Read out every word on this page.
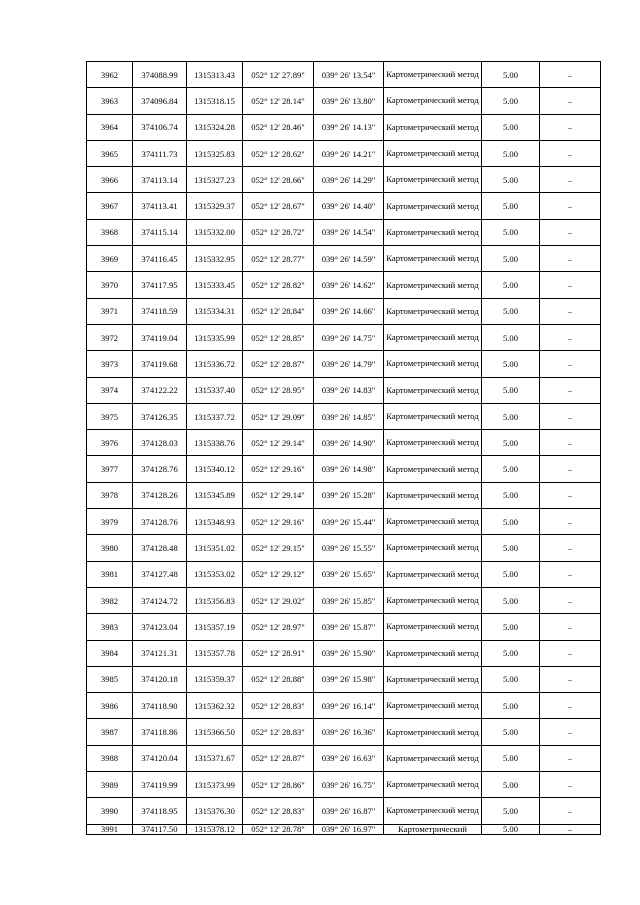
3962	374088.99	1315313.43	052° 12' 27.89"	039° 26' 13.54"	Картометрический метод	5.00	–
3963	374096.84	1315318.15	052° 12' 28.14"	039° 26' 13.80"	Картометрический метод	5.00	–
3964	374106.74	1315324.28	052° 12' 28.46"	039° 26' 14.13"	Картометрический метод	5.00	–
3965	374111.73	1315325.83	052° 12' 28.62"	039° 26' 14.21"	Картометрический метод	5.00	–
3966	374113.14	1315327.23	052° 12' 28.66"	039° 26' 14.29"	Картометрический метод	5.00	–
3967	374113.41	1315329.37	052° 12' 28.67"	039° 26' 14.40"	Картометрический метод	5.00	–
3968	374115.14	1315332.00	052° 12' 28.72"	039° 26' 14.54"	Картометрический метод	5.00	–
3969	374116.45	1315332.95	052° 12' 28.77"	039° 26' 14.59"	Картометрический метод	5.00	–
3970	374117.95	1315333.45	052° 12' 28.82"	039° 26' 14.62"	Картометрический метод	5.00	–
3971	374118.59	1315334.31	052° 12' 28.84"	039° 26' 14.66"	Картометрический метод	5.00	–
3972	374119.04	1315335.99	052° 12' 28.85"	039° 26' 14.75"	Картометрический метод	5.00	–
3973	374119.68	1315336.72	052° 12' 28.87"	039° 26' 14.79"	Картометрический метод	5.00	–
3974	374122.22	1315337.40	052° 12' 28.95"	039° 26' 14.83"	Картометрический метод	5.00	–
3975	374126.35	1315337.72	052° 12' 29.09"	039° 26' 14.85"	Картометрический метод	5.00	–
3976	374128.03	1315338.76	052° 12' 29.14"	039° 26' 14.90"	Картометрический метод	5.00	–
3977	374128.76	1315340.12	052° 12' 29.16"	039° 26' 14.98"	Картометрический метод	5.00	–
3978	374128.26	1315345.89	052° 12' 29.14"	039° 26' 15.28"	Картометрический метод	5.00	–
3979	374128.76	1315348.93	052° 12' 29.16"	039° 26' 15.44"	Картометрический метод	5.00	–
3980	374128.48	1315351.02	052° 12' 29.15"	039° 26' 15.55"	Картометрический метод	5.00	–
3981	374127.48	1315353.02	052° 12' 29.12"	039° 26' 15.65"	Картометрический метод	5.00	–
3982	374124.72	1315356.83	052° 12' 29.02"	039° 26' 15.85"	Картометрический метод	5.00	–
3983	374123.04	1315357.19	052° 12' 28.97"	039° 26' 15.87"	Картометрический метод	5.00	–
3984	374121.31	1315357.78	052° 12' 28.91"	039° 26' 15.90"	Картометрический метод	5.00	–
3985	374120.18	1315359.37	052° 12' 28.88"	039° 26' 15.98"	Картометрический метод	5.00	–
3986	374118.90	1315362.32	052° 12' 28.83"	039° 26' 16.14"	Картометрический метод	5.00	–
3987	374118.86	1315366.50	052° 12' 28.83"	039° 26' 16.36"	Картометрический метод	5.00	–
3988	374120.04	1315371.67	052° 12' 28.87"	039° 26' 16.63"	Картометрический метод	5.00	–
3989	374119.99	1315373.99	052° 12' 28.86"	039° 26' 16.75"	Картометрический метод	5.00	–
3990	374118.95	1315376.30	052° 12' 28.83"	039° 26' 16.87"	Картометрический метод	5.00	–
3991	374117.50	1315378.12	052° 12' 28.78"	039° 26' 16.97"	Картометрический	5.00	–
